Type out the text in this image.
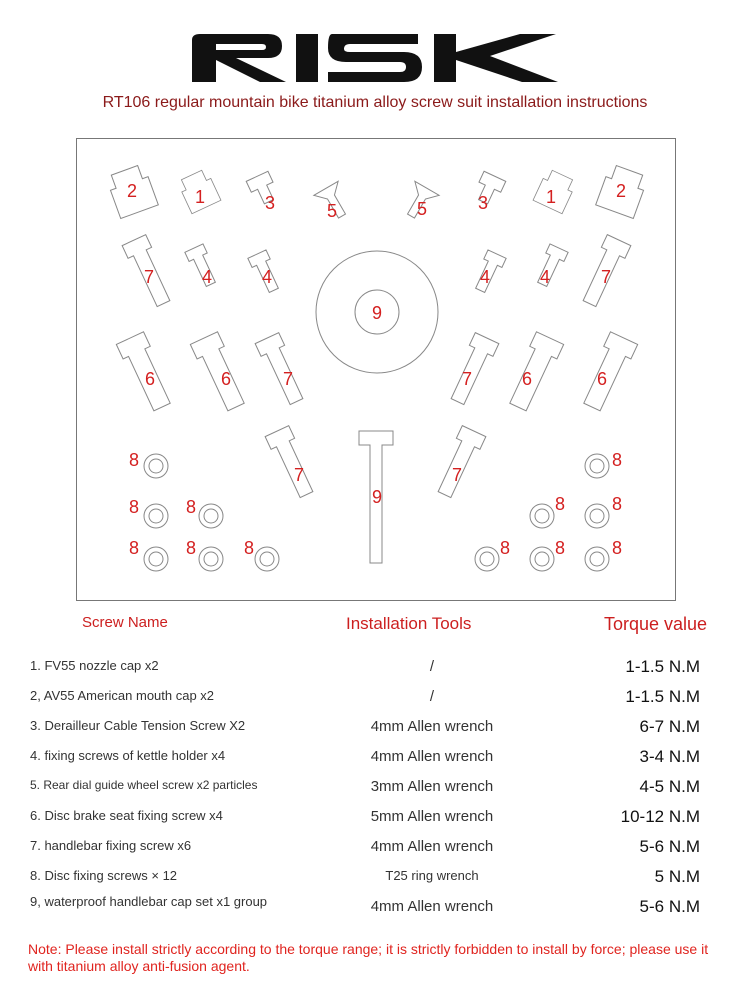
RT106 regular mountain bike titanium alloy screw suit installation instructions
2	1	3	5	5	3	1	2
7	4	4	4	4	7
9
6	6	7	7	6	6
7
9
7
8
8	8
8	8	8
8
8	8
8 8	8
Screw Name	Installation Tools	Torque value
1. FV55 nozzle cap x2	/	1-1.5 N.M
2, AV55 American mouth cap x2	/	1-1.5 N.M
3. Derailleur Cable Tension Screw X2	4mm Allen wrench	6-7 N.M
4. fixing screws of kettle holder x4	4mm Allen wrench	3-4 N.M
5. Rear dial guide wheel screw x2 particles	3mm Allen wrench	4-5 N.M
6. Disc brake seat fixing screw x4	5mm Allen wrench	10-12 N.M
7. handlebar fixing screw x6	4mm Allen wrench	5-6 N.M
8. Disc fixing screws × 12	T25 ring wrench	5 N.M
9, waterproof handlebar cap set x1 group	4mm Allen wrench	5-6 N.M
Note: Please install strictly according to the torque range; it is strictly forbidden to install by force; please use it with titanium alloy anti-fusion agent.
